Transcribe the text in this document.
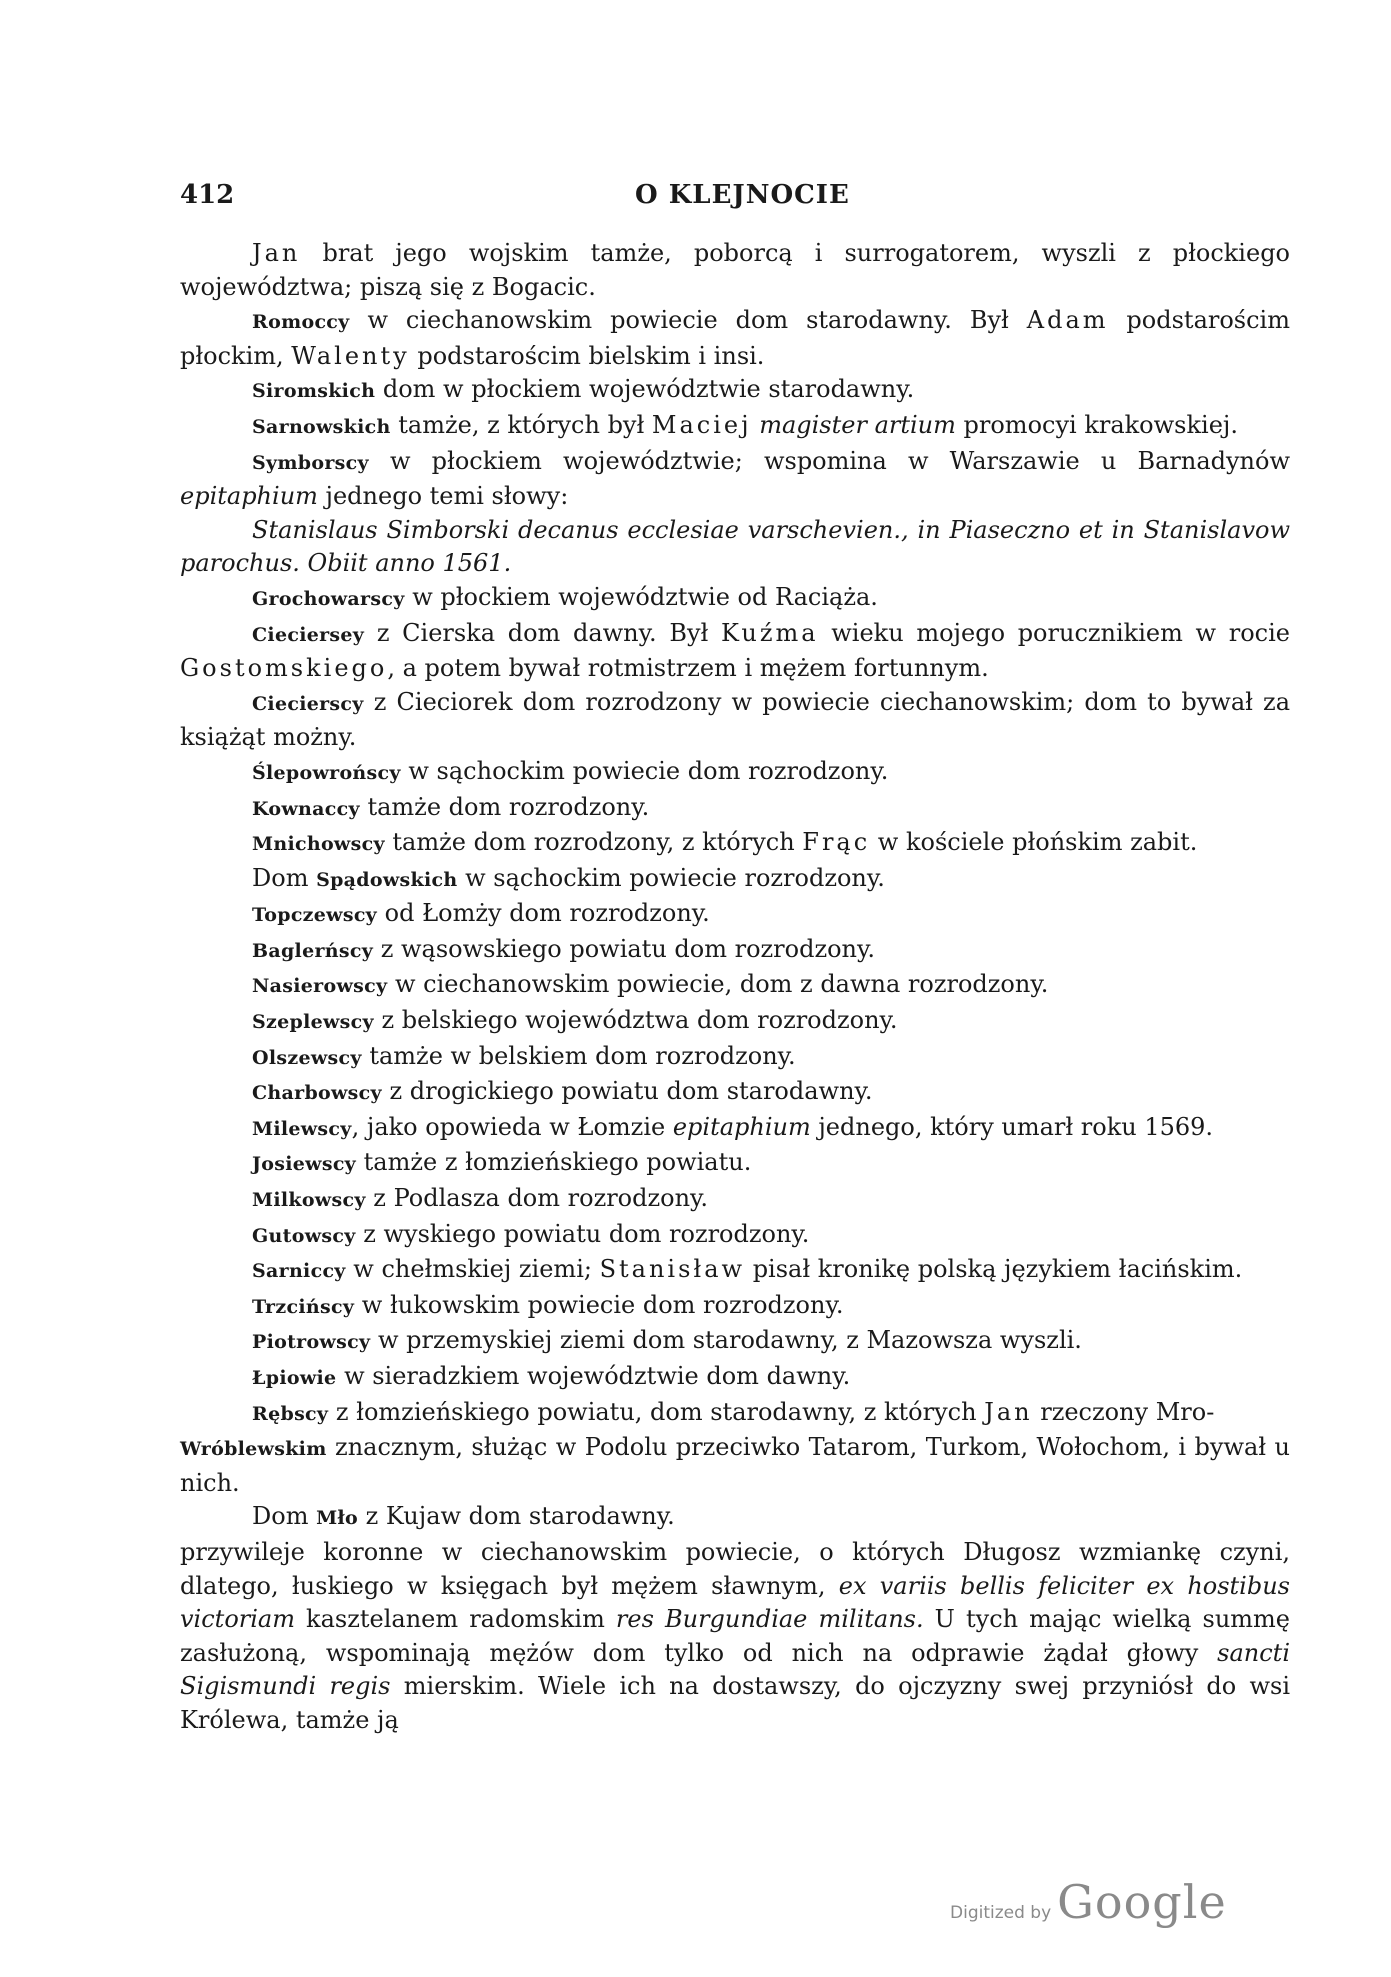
412	O KLEJNOCIE

Jan brat jego wojskim tamże, poborcą i surrogatorem, wyszli z płockiego województwa; piszą się z Bogacic.

Romoccy w ciechanowskim powiecie dom starodawny. Był Adam podstarościm płockim, Walenty podstarościm bielskim i insi.

Siromskich dom w płockiem województwie starodawny.

Sarnowskich tamże, z których był Maciej magister artium promocyi krakowskiej.

Symborscy w płockiem województwie; wspomina w Warszawie u Barnadynów epitaphium jednego temi słowy:

Stanislaus Simborski decanus ecclesiae varschevien., in Piaseczno et in Stanislavow parochus. Obiit anno 1561.

Grochowarscy w płockiem województwie od Raciąża.

Cieciersey z Cierska dom dawny. Był Kuźma wieku mojego porucznikiem w rocie Gostomskiego, a potem bywał rotmistrzem i mężem fortunnym.

Ciecierscy z Cieciorek dom rozrodzony w powiecie ciechanowskim; dom to bywał za książąt możny.

Ślepowrońscy w sąchockim powiecie dom rozrodzony.

Kownaccy tamże dom rozrodzony.

Mnichowscy tamże dom rozrodzony, z których Frąc w kościele płońskim zabit.

Dom Spądowskich w sąchockim powiecie rozrodzony.

Topczewscy od Łomży dom rozrodzony.

Baglerńscy z wąsowskiego powiatu dom rozrodzony.

Nasierowscy w ciechanowskim powiecie, dom z dawna rozrodzony.

Szeplewscy z belskiego województwa dom rozrodzony.

Olszewscy tamże w belskiem dom rozrodzony.

Charbowscy z drogickiego powiatu dom starodawny.

Milewscy, jako opowieda w Łomzie epitaphium jednego, który umarł roku 1569.

Josiewscy tamże z łomzieńskiego powiatu.

Milkowscy z Podlasza dom rozrodzony.

Gutowscy z wyskiego powiatu dom rozrodzony.

Sarniccy w chełmskiej ziemi; Stanisław pisał kronikę polską językiem łacińskim.

Trzcińscy w łukowskim powiecie dom rozrodzony.

Piotrowscy w przemyskiej ziemi dom starodawny, z Mazowsza wyszli.

Łpiowie w sieradzkiem województwie dom dawny.

Rębscy z łomzieńskiego powiatu, dom starodawny, z których Jan rzeczony Mro-

Wróblewskim znacznym, służąc w Podolu przeciwko Tatarom, Turkom, Wołochom, i bywał u nich.

Dom Mło z Kujaw dom starodawny.

przywileje koronne w ciechanowskim powiecie, o których Długosz wzmiankę czyni, dlatego, łuskiego w księgach był mężem sławnym, ex variis bellis feliciter ex hostibus victoriam kasztelanem radomskim res Burgundiae militans. U tych mając wielką summę zasłużoną, wspominają mężów dom tylko od nich na odprawie żądał głowy sancti Sigismundi regis mierskim. Wiele ich na dostawszy, do ojczyzny swej przyniósł do wsi Królewa, tamże ją

Digitized by Google
